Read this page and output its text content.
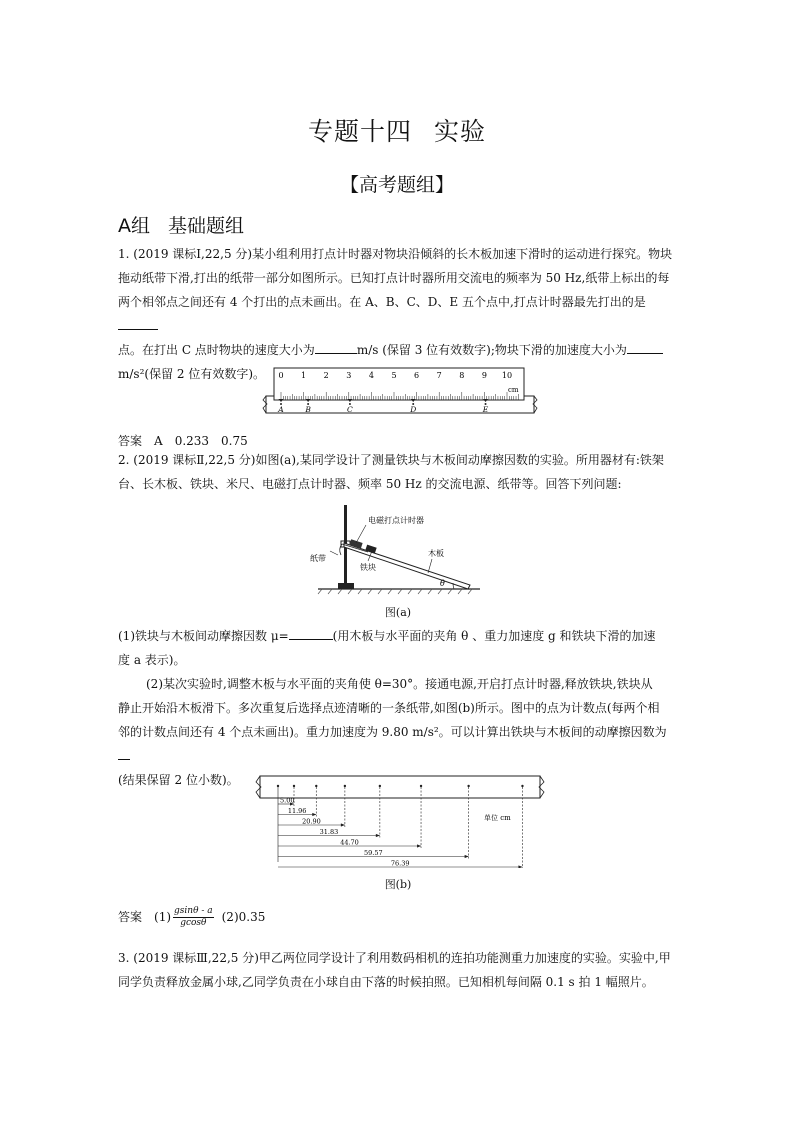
专题十四 实验
【高考题组】
A组 基础题组
1. (2019 课标Ⅰ,22,5 分)某小组利用打点计时器对物块沿倾斜的长木板加速下滑时的运动进行探究。物块
拖动纸带下滑,打出的纸带一部分如图所示。已知打点计时器所用交流电的频率为 50 Hz,纸带上标出的每
两个相邻点之间还有 4 个打出的点未画出。在 A、B、C、D、E 五个点中,打点计时器最先打出的是
点。在打出 C 点时物块的速度大小为	m/s (保留 3 位有效数字);物块下滑的加速度大小为
m/s²(保留 2 位有效数字)。	0 1 2 3 4 5 6 7 8 9 10
cm
A	B	C	D	E
答案 A 0.233 0.75
2. (2019 课标Ⅱ,22,5 分)如图(a),某同学设计了测量铁块与木板间动摩擦因数的实验。所用器材有:铁架
台、长木板、铁块、米尺、电磁打点计时器、频率 50 Hz 的交流电源、纸带等。回答下列问题:
电磁打点计时器
纸带
铁块
木板
θ
图(a)
(1)铁块与木板间动摩擦因数 μ=	(用木板与水平面的夹角 θ 、重力加速度 g 和铁块下滑的加速
度 a 表示)。
(2)某次实验时,调整木板与水平面的夹角使 θ=30°。接通电源,开启打点计时器,释放铁块,铁块从
静止开始沿木板滑下。多次重复后选择点迹清晰的一条纸带,如图(b)所示。图中的点为计数点(每两个相
邻的计数点间还有 4 个点未画出)。重力加速度为 9.80 m/s²。可以计算出铁块与木板间的动摩擦因数为
(结果保留 2 位小数)。
5.00
11.96
20.90
31.83
44.70
59.57
76.39
单位 cm
图(b)
答案 $(1) \frac{gsin\theta - a}{gcos\theta} (2)0.35$
3. (2019 课标Ⅲ,22,5 分)甲乙两位同学设计了利用数码相机的连拍功能测重力加速度的实验。实验中,甲
同学负责释放金属小球,乙同学负责在小球自由下落的时候拍照。已知相机每间隔 0.1 s 拍 1 幅照片。
